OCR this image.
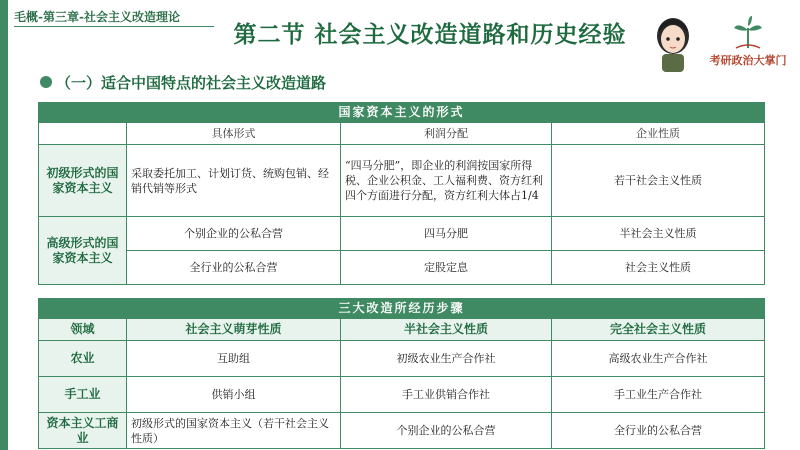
毛概-第三章-社会主义改造理论
第二节 社会主义改造道路和历史经验
考研政治大掌门
（一）适合中国特点的社会主义改造道路
国家资本主义的形式			
	具体形式	利润分配	企业性质
初级形式的国家资本主义	采取委托加工、计划订货、统购包销、经销代销等形式	“四马分肥”，即企业的利润按国家所得税、企业公积金、工人福利费、资方红利四个方面进行分配，资方红利大体占1/4	若干社会主义性质
高级形式的国家资本主义	个别企业的公私合营	四马分肥	半社会主义性质
	全行业的公私合营	定股定息	社会主义性质
三大改造所经历步骤			
领域	社会主义萌芽性质	半社会主义性质	完全社会主义性质
农业	互助组	初级农业生产合作社	高级农业生产合作社
手工业	供销小组	手工业供销合作社	手工业生产合作社
资本主义工商业	初级形式的国家资本主义（若干社会主义性质）	个别企业的公私合营	全行业的公私合营
